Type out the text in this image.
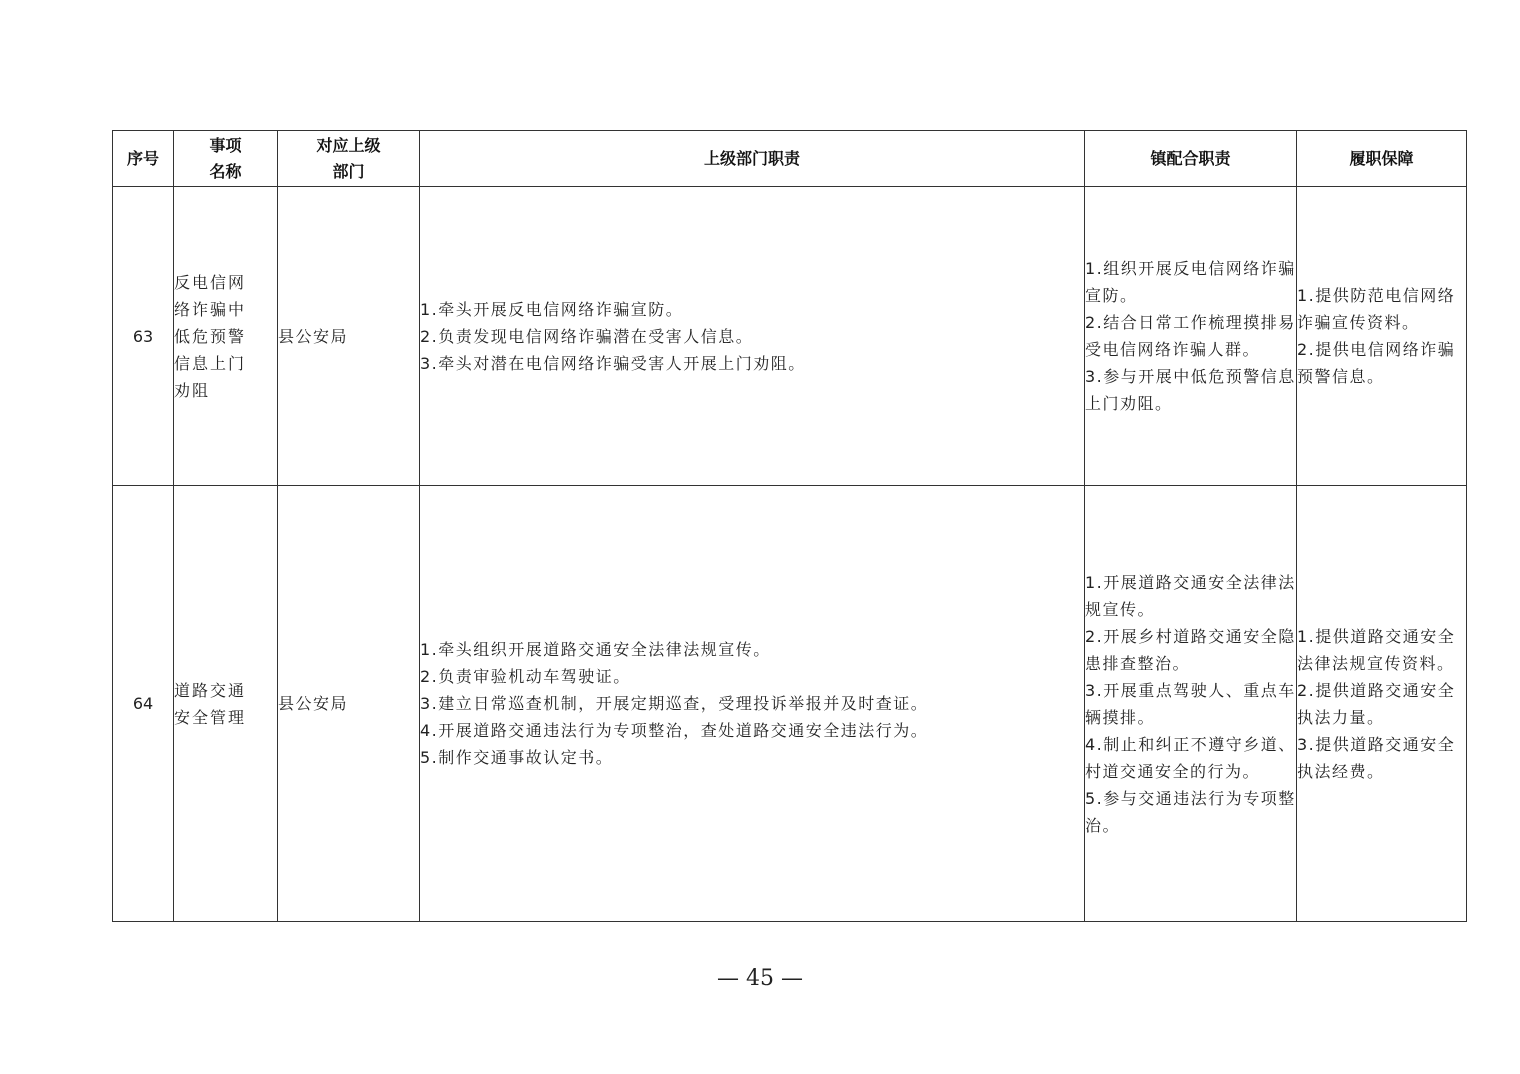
序号	事项
名称	对应上级
部门	上级部门职责	镇配合职责	履职保障

63	反电信网
络诈骗中
低危预警
信息上门
劝阻	县公安局	1.牵头开展反电信网络诈骗宣防。
2.负责发现电信网络诈骗潜在受害人信息。
3.牵头对潜在电信网络诈骗受害人开展上门劝阻。	1.组织开展反电信网络诈骗宣防。
2.结合日常工作梳理摸排易受电信网络诈骗人群。
3.参与开展中低危预警信息上门劝阻。	1.提供防范电信网络诈骗宣传资料。
2.提供电信网络诈骗预警信息。

64	道路交通
安全管理	县公安局	1.牵头组织开展道路交通安全法律法规宣传。
2.负责审验机动车驾驶证。
3.建立日常巡查机制，开展定期巡查，受理投诉举报并及时查证。
4.开展道路交通违法行为专项整治，查处道路交通安全违法行为。
5.制作交通事故认定书。	1.开展道路交通安全法律法规宣传。
2.开展乡村道路交通安全隐患排查整治。
3.开展重点驾驶人、重点车辆摸排。
4.制止和纠正不遵守乡道、村道交通安全的行为。
5.参与交通违法行为专项整治。	1.提供道路交通安全法律法规宣传资料。
2.提供道路交通安全执法力量。
3.提供道路交通安全执法经费。
— 45 —
